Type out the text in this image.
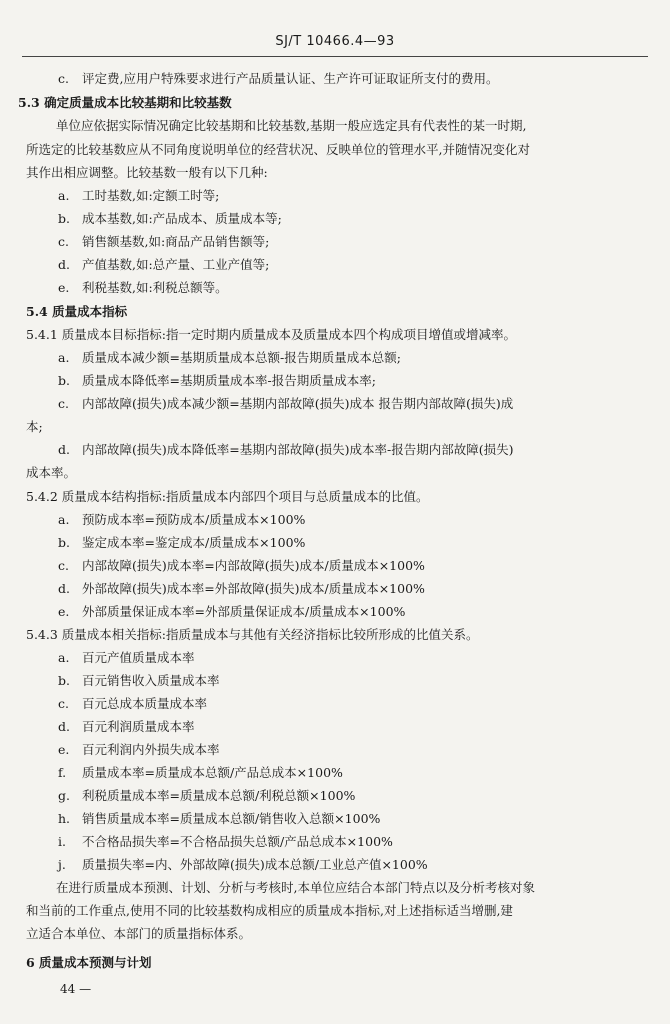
SJ/T 10466.4—93
c. 评定费,应用户特殊要求进行产品质量认证、生产许可证取证所支付的费用。
5.3 确定质量成本比较基期和比较基数
单位应依据实际情况确定比较基期和比较基数,基期一般应选定具有代表性的某一时期,
所选定的比较基数应从不同角度说明单位的经营状况、反映单位的管理水平,并随情况变化对
其作出相应调整。比较基数一般有以下几种:
a. 工时基数,如:定额工时等;
b. 成本基数,如:产品成本、质量成本等;
c. 销售额基数,如:商品产品销售额等;
d. 产值基数,如:总产量、工业产值等;
e. 利税基数,如:利税总额等。
5.4 质量成本指标
5.4.1 质量成本目标指标:指一定时期内质量成本及质量成本四个构成项目增值或增减率。
a. 质量成本减少额=基期质量成本总额-报告期质量成本总额;
b. 质量成本降低率=基期质量成本率-报告期质量成本率;
c. 内部故障(损失)成本减少额=基期内部故障(损失)成本 报告期内部故障(损失)成
本;
d. 内部故障(损失)成本降低率=基期内部故障(损失)成本率-报告期内部故障(损失)
成本率。
5.4.2 质量成本结构指标:指质量成本内部四个项目与总质量成本的比值。
a. 预防成本率=预防成本/质量成本×100%
b. 鉴定成本率=鉴定成本/质量成本×100%
c. 内部故障(损失)成本率=内部故障(损失)成本/质量成本×100%
d. 外部故障(损失)成本率=外部故障(损失)成本/质量成本×100%
e. 外部质量保证成本率=外部质量保证成本/质量成本×100%
5.4.3 质量成本相关指标:指质量成本与其他有关经济指标比较所形成的比值关系。
a. 百元产值质量成本率
b. 百元销售收入质量成本率
c. 百元总成本质量成本率
d. 百元利润质量成本率
e. 百元利润内外损失成本率
f. 质量成本率=质量成本总额/产品总成本×100%
g. 利税质量成本率=质量成本总额/利税总额×100%
h. 销售质量成本率=质量成本总额/销售收入总额×100%
i. 不合格品损失率=不合格品损失总额/产品总成本×100%
j. 质量损失率=内、外部故障(损失)成本总额/工业总产值×100%
在进行质量成本预测、计划、分析与考核时,本单位应结合本部门特点以及分析考核对象
和当前的工作重点,使用不同的比较基数构成相应的质量成本指标,对上述指标适当增删,建
立适合本单位、本部门的质量指标体系。
6 质量成本预测与计划
44 —
